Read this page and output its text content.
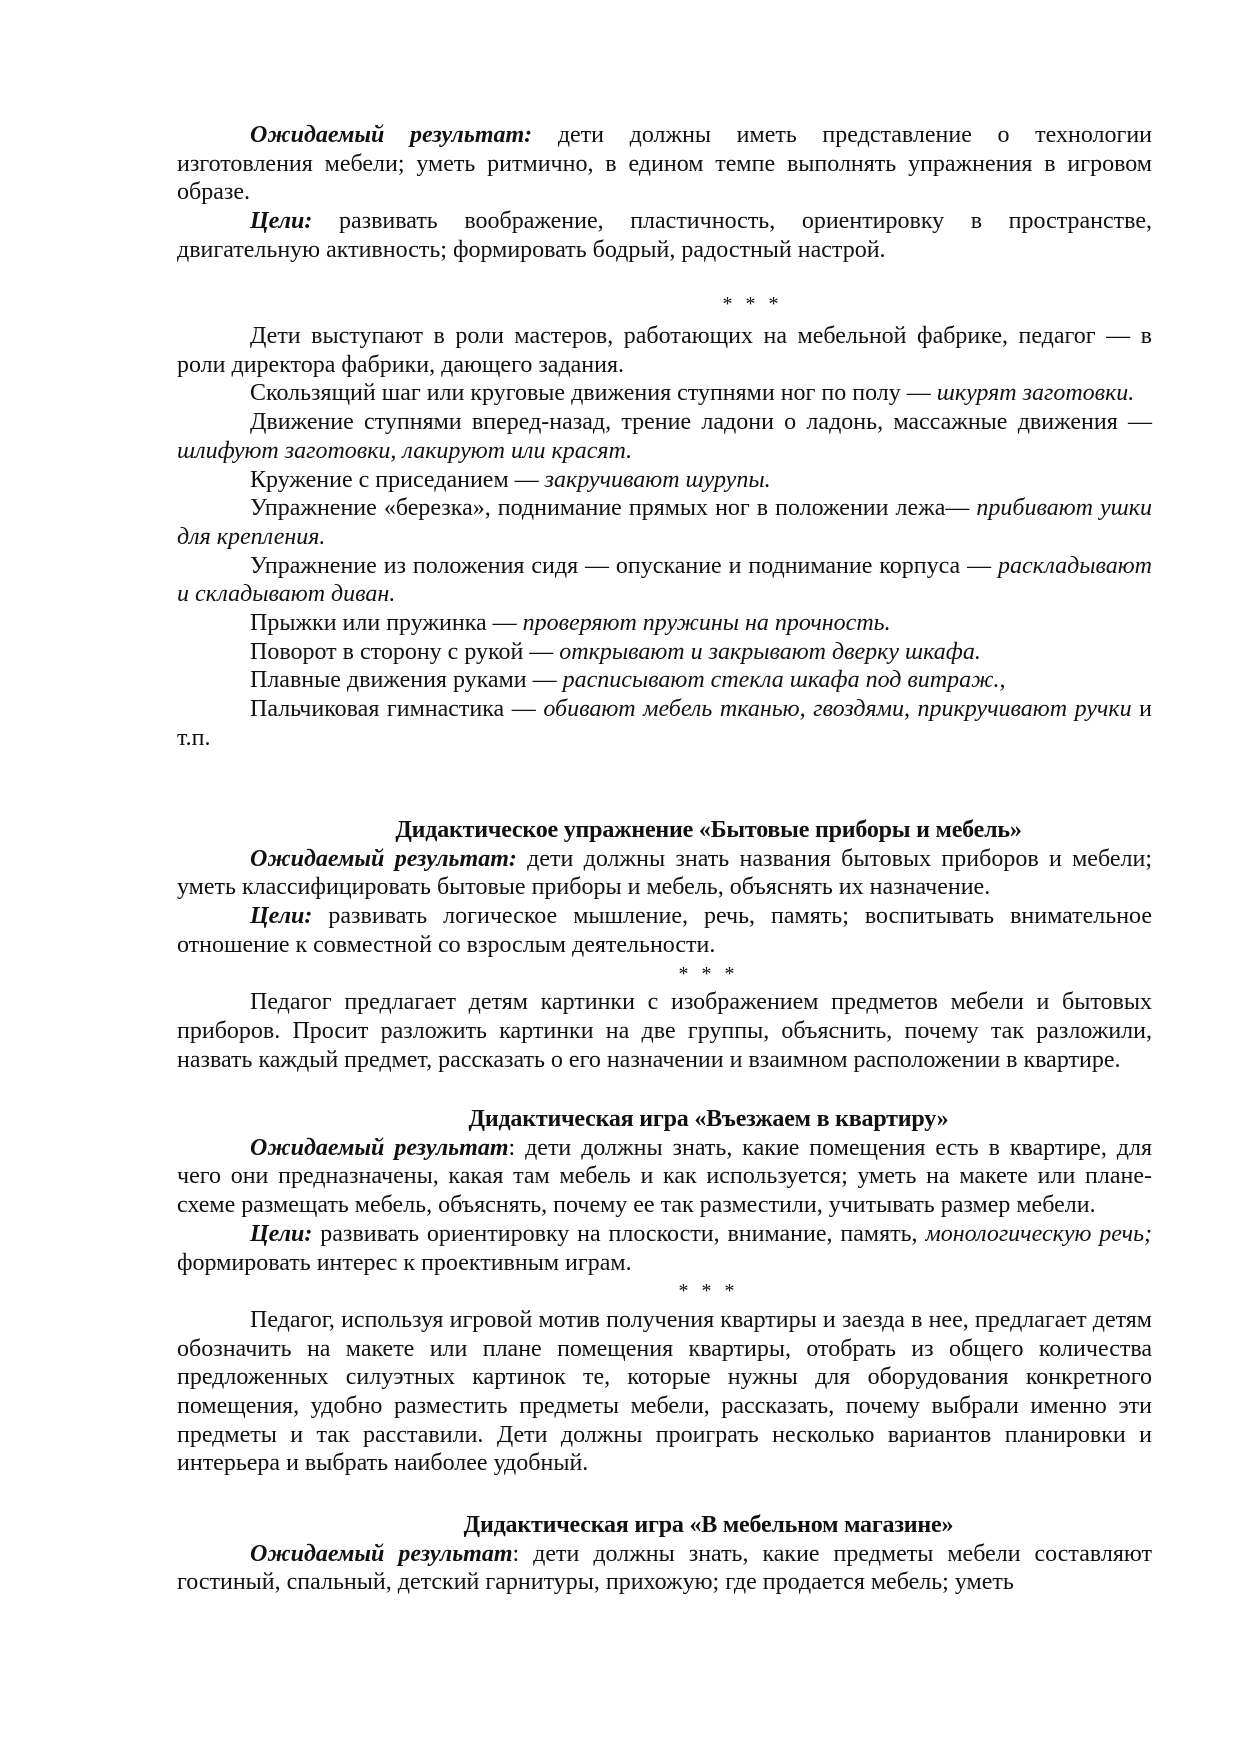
Ожидаемый результат: дети должны иметь представление о технологии изготовления мебели; уметь ритмично, в едином темпе выполнять упражнения в игровом образе.

Цели: развивать воображение, пластичность, ориентировку в пространстве, двигательную активность; формировать бодрый, радостный настрой.

* * *

Дети выступают в роли мастеров, работающих на мебельной фабрике, педагог — в роли директора фабрики, дающего задания.

Скользящий шаг или круговые движения ступнями ног по полу — шкурят заготовки.

Движение ступнями вперед-назад, трение ладони о ладонь, массажные движения — шлифуют заготовки, лакируют или красят.

Кружение с приседанием — закручивают шурупы.

Упражнение «березка», поднимание прямых ног в положении лежа— прибивают ушки для крепления.

Упражнение из положения сидя — опускание и поднимание корпуса — раскладывают и складывают диван.

Прыжки или пружинка — проверяют пружины на прочность.

Поворот в сторону с рукой — открывают и закрывают дверку шкафа.

Плавные движения руками — расписывают стекла шкафа под витраж.,

Пальчиковая гимнастика — обивают мебель тканью, гвоздями, прикручивают ручки и т.п.

Дидактическое упражнение «Бытовые приборы и мебель»

Ожидаемый результат: дети должны знать названия бытовых приборов и мебели; уметь классифицировать бытовые приборы и мебель, объяснять их назначение.

Цели: развивать логическое мышление, речь, память; воспитывать внимательное отношение к совместной со взрослым деятельности.

* * *

Педагог предлагает детям картинки с изображением предметов мебели и бытовых приборов. Просит разложить картинки на две группы, объяснить, почему так разложили, назвать каждый предмет, рассказать о его назначении и взаимном расположении в квартире.

Дидактическая игра «Въезжаем в квартиру»

Ожидаемый результат: дети должны знать, какие помещения есть в квартире, для чего они предназначены, какая там мебель и как используется; уметь на макете или плане-схеме размещать мебель, объяснять, почему ее так разместили, учитывать размер мебели.

Цели: развивать ориентировку на плоскости, внимание, память, монологическую речь; формировать интерес к проективным играм.

* * *

Педагог, используя игровой мотив получения квартиры и заезда в нее, предлагает детям обозначить на макете или плане помещения квартиры, отобрать из общего количества предложенных силуэтных картинок те, которые нужны для оборудования конкретного помещения, удобно разместить предметы мебели, рассказать, почему выбрали именно эти предметы и так расставили. Дети должны проиграть несколько вариантов планировки и интерьера и выбрать наиболее удобный.

Дидактическая игра «В мебельном магазине»

Ожидаемый результат: дети должны знать, какие предметы мебели составляют гостиный, спальный, детский гарнитуры, прихожую; где продается мебель; уметь
